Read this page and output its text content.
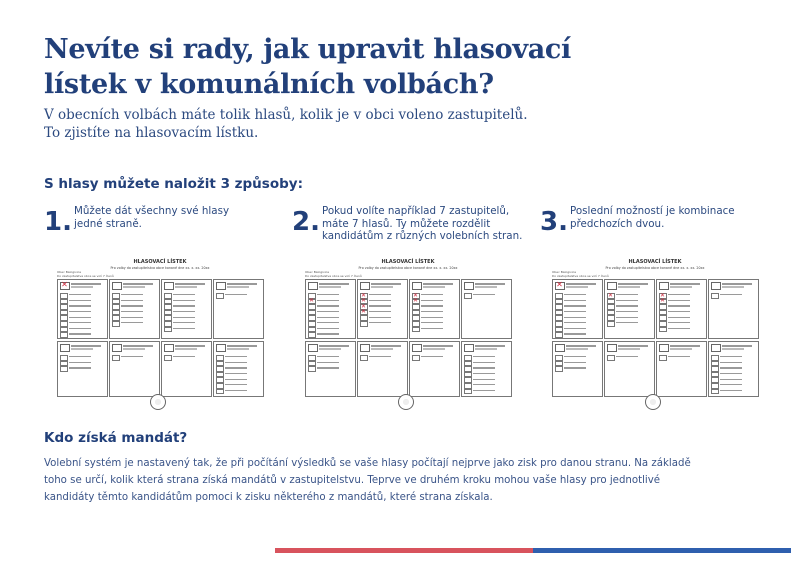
Nevíte si rady, jak upravit hlasovací
lístek v komunálních volbách?
V obecních volbách máte tolik hlasů, kolik je v obci voleno zastupitelů.
To zjistíte na hlasovacím lístku.
S hlasy můžete naložit 3 způsoby:
1. Můžete dát všechny své hlasy
jedné straně.	2. Pokud volíte například 7 zastupitelů,
máte 7 hlasů. Ty můžete rozdělit
kandidátům z různých volebních stran. 3. Poslední možností je kombinace
předchozích dvou.
HLASOVACÍ LÍSTEK
Pro volby do zastupitelstva obce konané dne xx. x. xx. 20xx
Obec Balogivice
Do zastupitelstva obce se volí 7 členů
✕
HLASOVACÍ LÍSTEK
Pro volby do zastupitelstva obce konané dne xx. x. xx. 20xx
Obec Balogivice
Do zastupitelstva obce se volí 7 členů
✕
✕
✕
✕
✕
✕
✕
HLASOVACÍ LÍSTEK
Pro volby do zastupitelstva obce konané dne xx. x. xx. 20xx
Obec Balogivice
Do zastupitelstva obce se volí 7 členů
✕
✕	✕
✕
Kdo získá mandát?
Volební systém je nastavený tak, že při počítání výsledků se vaše hlasy počítají nejprve jako zisk pro danou stranu. Na základě
toho se určí, kolik která strana získá mandátů v zastupitelstvu. Teprve ve druhém kroku mohou vaše hlasy pro jednotlivé
kandidáty těmto kandidátům pomoci k zisku některého z mandátů, které strana získala.
